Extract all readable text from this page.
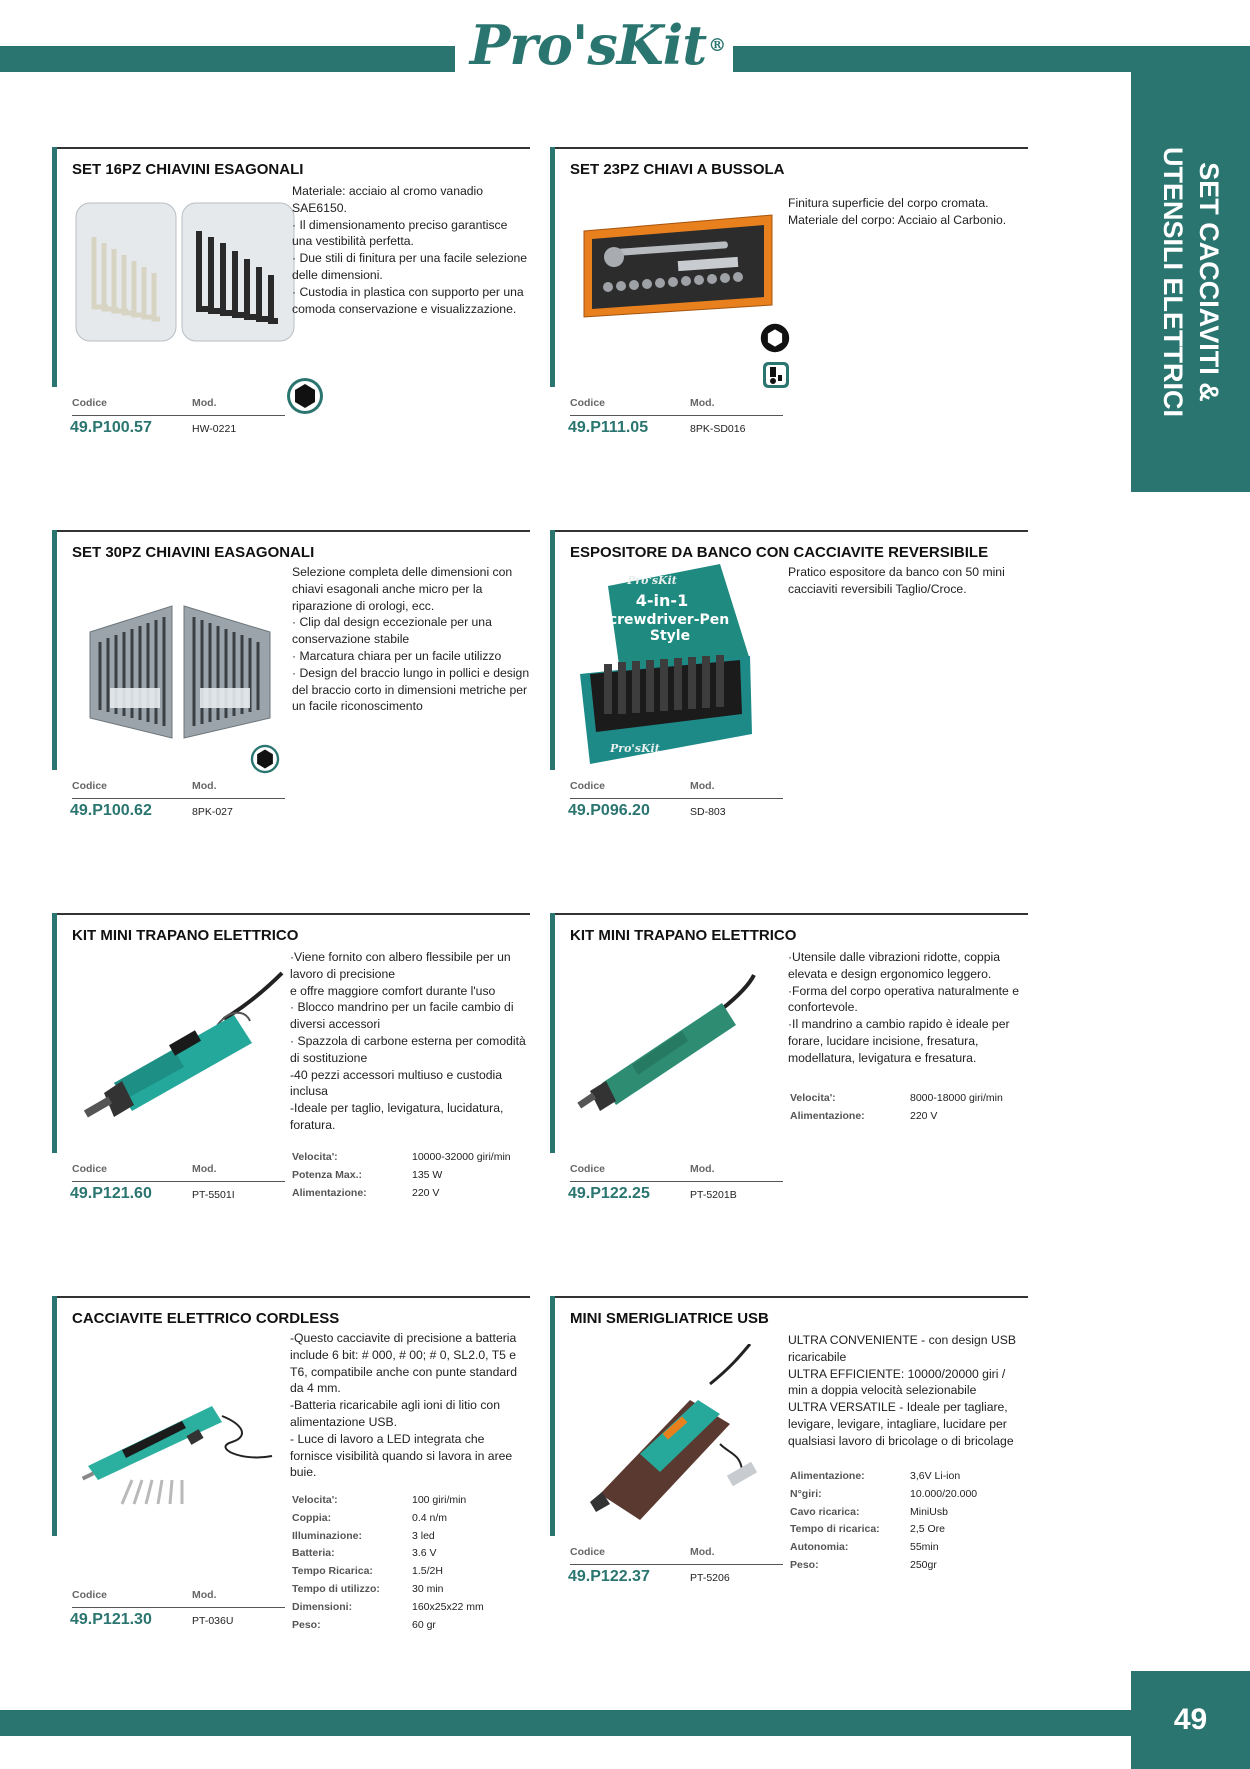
Pro'sKit ®
SET CACCIAVITI &
UTENSILI ELETTRICI
SET 16PZ CHIAVINI ESAGONALI
Materiale: acciaio al cromo vanadio SAE6150.
· Il dimensionamento preciso garantisce una vestibilità perfetta.
· Due stili di finitura per una facile selezione delle dimensioni.
· Custodia in plastica con supporto per una comoda conservazione e visualizzazione.
Codice	Mod.
49.P100.57	HW-0221
SET 23PZ CHIAVI A BUSSOLA
Finitura superficie del corpo cromata.
Materiale del corpo: Acciaio al Carbonio.
Codice	Mod.
49.P111.05	8PK-SD016
SET 30PZ CHIAVINI EASAGONALI
Selezione completa delle dimensioni con chiavi esagonali anche micro per la riparazione di orologi, ecc.
· Clip dal design eccezionale per una conservazione stabile
· Marcatura chiara per un facile utilizzo
· Design del braccio lungo in pollici e design del braccio corto in dimensioni metriche per un facile riconoscimento
Codice	Mod.
49.P100.62	8PK-027
ESPOSITORE DA BANCO CON CACCIAVITE REVERSIBILE
Pro'sKit
4-in-1
Screwdriver-Pen
Style
Pro'sKit
Pratico espositore da banco con 50 mini cacciaviti reversibili Taglio/Croce.
Codice	Mod.
49.P096.20	SD-803
KIT MINI TRAPANO ELETTRICO
·Viene fornito con albero flessibile per un lavoro di precisione
e offre maggiore comfort durante l'uso
· Blocco mandrino per un facile cambio di diversi accessori
· Spazzola di carbone esterna per comodità di sostituzione
-40 pezzi accessori multiuso e custodia inclusa
-Ideale per taglio, levigatura, lucidatura, foratura.
Velocita':	10000-32000 giri/min
Potenza Max.:	135 W
Alimentazione:	220 V
Codice	Mod.
49.P121.60	PT-5501I
KIT MINI TRAPANO ELETTRICO
·Utensile dalle vibrazioni ridotte, coppia elevata e design ergonomico leggero.
·Forma del corpo operativa naturalmente e confortevole.
·Il mandrino a cambio rapido è ideale per forare, lucidare incisione, fresatura, modellatura, levigatura e fresatura.
Velocita':	8000-18000 giri/min
Alimentazione:	220 V
Codice	Mod.
49.P122.25	PT-5201B
CACCIAVITE ELETTRICO CORDLESS
-Questo cacciavite di precisione a batteria include 6 bit: # 000, # 00; # 0, SL2.0, T5 e T6, compatibile anche con punte standard da 4 mm.
-Batteria ricaricabile agli ioni di litio con alimentazione USB.
- Luce di lavoro a LED integrata che fornisce visibilità quando si lavora in aree buie.
Velocita':	100 giri/min
Coppia:	0.4 n/m
Illuminazione:	3 led
Batteria:	3.6 V
Tempo Ricarica:	1.5/2H
Tempo di utilizzo:	30 min
Dimensioni:	160x25x22 mm
Peso:	60 gr
Codice	Mod.
49.P121.30	PT-036U
MINI SMERIGLIATRICE USB
ULTRA CONVENIENTE - con design USB ricaricabile
ULTRA EFFICIENTE: 10000/20000 giri / min a doppia velocità selezionabile
ULTRA VERSATILE - Ideale per tagliare, levigare, levigare, intagliare, lucidare per qualsiasi lavoro di bricolage o di bricolage
Alimentazione:	3,6V Li-ion
N°giri:	10.000/20.000
Cavo ricarica:	MiniUsb
Tempo di ricarica:	2,5 Ore
Autonomia:	55min
Peso:	250gr
Codice	Mod.
49.P122.37	PT-5206
49
